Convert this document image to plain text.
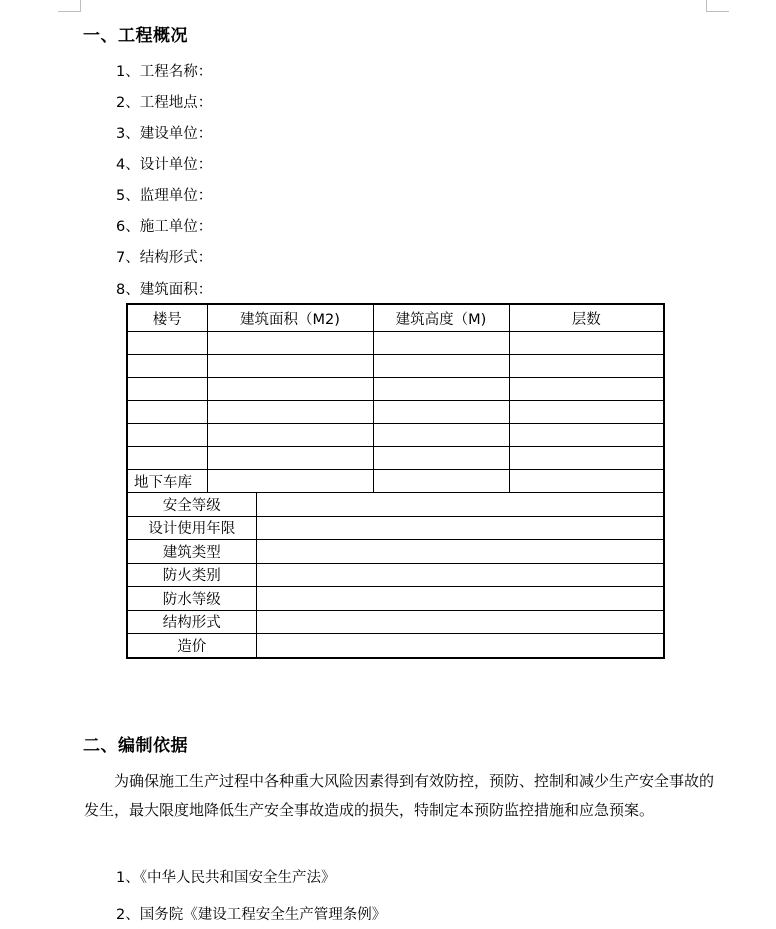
一、工程概况
1、工程名称：
2、工程地点：
3、建设单位：
4、设计单位：
5、监理单位：
6、施工单位：
7、结构形式：
8、建筑面积：
楼号	建筑面积（M2)	建筑高度（M)	层数

地下车库			
安全等级	
设计使用年限	
建筑类型	
防火类别	
防水等级	
结构形式	
造价	
二、编制依据

为确保施工生产过程中各种重大风险因素得到有效防控，预防、控制和减少生产安全事故的发生，最大限度地降低生产安全事故造成的损失，特制定本预防监控措施和应急预案。

1、《中华人民共和国安全生产法》
2、国务院《建设工程安全生产管理条例》
